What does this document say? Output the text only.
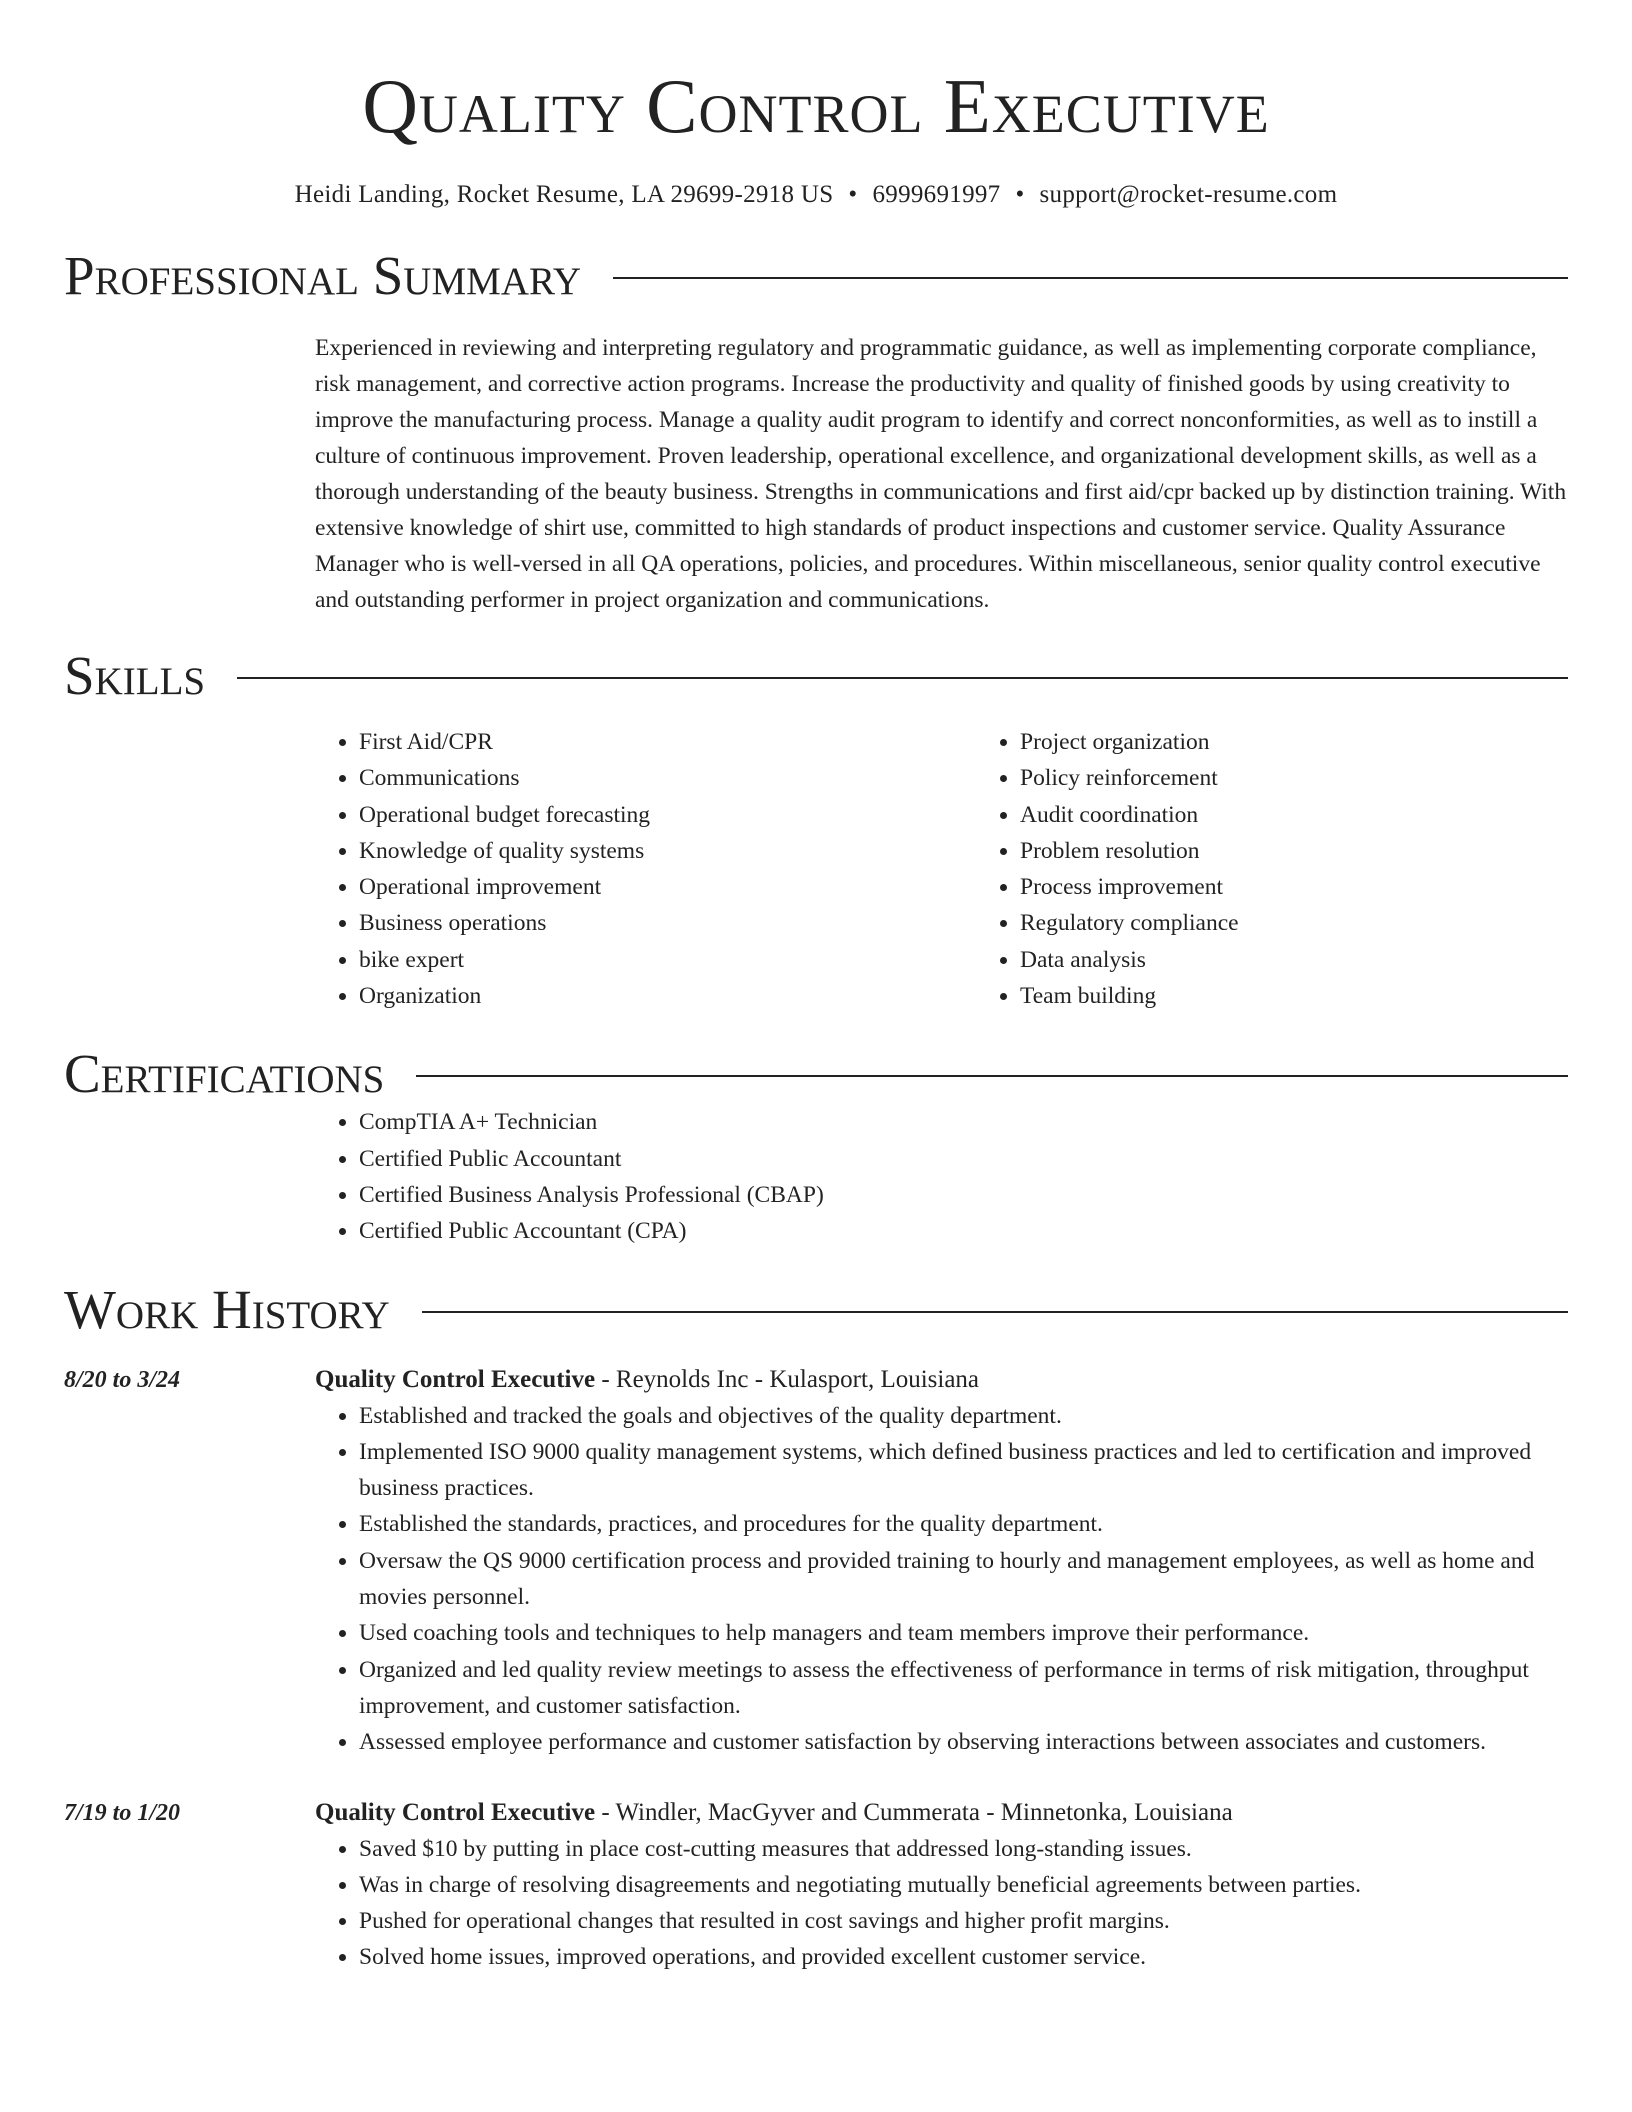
Quality Control Executive
Heidi Landing, Rocket Resume, LA 29699-2918 US • 6999691997 • support@rocket-resume.com
Professional Summary

Experienced in reviewing and interpreting regulatory and programmatic guidance, as well as implementing corporate compliance, risk management, and corrective action programs. Increase the productivity and quality of finished goods by using creativity to improve the manufacturing process. Manage a quality audit program to identify and correct nonconformities, as well as to instill a culture of continuous improvement. Proven leadership, operational excellence, and organizational development skills, as well as a thorough understanding of the beauty business. Strengths in communications and first aid/cpr backed up by distinction training. With extensive knowledge of shirt use, committed to high standards of product inspections and customer service. Quality Assurance Manager who is well-versed in all QA operations, policies, and procedures. Within miscellaneous, senior quality control executive and outstanding performer in project organization and communications.

Skills
• First Aid/CPR
• Communications
• Operational budget forecasting
• Knowledge of quality systems
• Operational improvement
• Business operations
• bike expert
• Organization
• Project organization
• Policy reinforcement
• Audit coordination
• Problem resolution
• Process improvement
• Regulatory compliance
• Data analysis
• Team building
Certifications
• CompTIA A+ Technician
• Certified Public Accountant
• Certified Business Analysis Professional (CBAP)
• Certified Public Accountant (CPA)
Work History
8/20 to 3/24	Quality Control Executive - Reynolds Inc - Kulasport, Louisiana
• Established and tracked the goals and objectives of the quality department.
• Implemented ISO 9000 quality management systems, which defined business practices and led to certification and improved business practices.
• Established the standards, practices, and procedures for the quality department.
• Oversaw the QS 9000 certification process and provided training to hourly and management employees, as well as home and movies personnel.
• Used coaching tools and techniques to help managers and team members improve their performance.
• Organized and led quality review meetings to assess the effectiveness of performance in terms of risk mitigation, throughput improvement, and customer satisfaction.
• Assessed employee performance and customer satisfaction by observing interactions between associates and customers.
7/19 to 1/20	Quality Control Executive - Windler, MacGyver and Cummerata - Minnetonka, Louisiana
• Saved $10 by putting in place cost-cutting measures that addressed long-standing issues.
• Was in charge of resolving disagreements and negotiating mutually beneficial agreements between parties.
• Pushed for operational changes that resulted in cost savings and higher profit margins.
• Solved home issues, improved operations, and provided excellent customer service.
